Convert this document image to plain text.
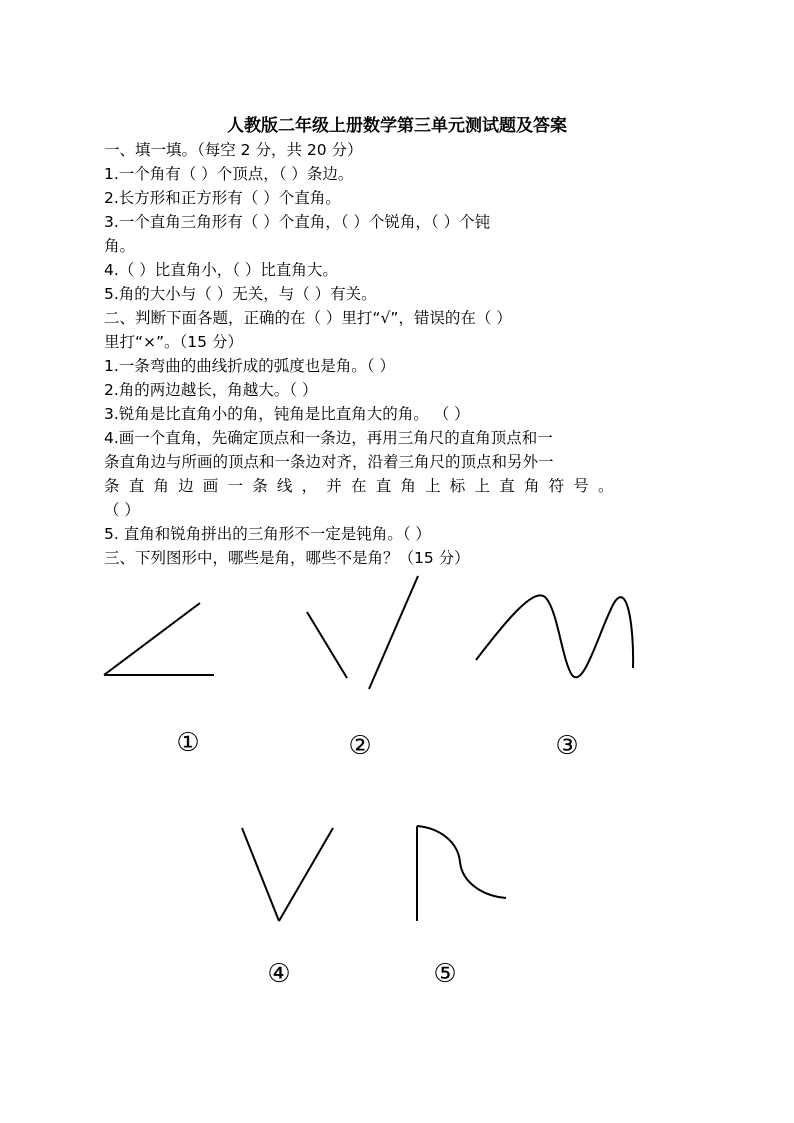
人教版二年级上册数学第三单元测试题及答案
一、填一填。（每空 2 分，共 20 分）
1.一个角有（ ）个顶点，（ ）条边。
2.长方形和正方形有（ ）个直角。
3.一个直角三角形有（ ）个直角，（ ）个锐角，（ ）个钝
角。
4.（ ）比直角小，（ ）比直角大。
5.角的大小与（ ）无关，与（ ）有关。
二、判断下面各题，正确的在（ ）里打“√”，错误的在（ ）
里打“×”。（15 分）
1.一条弯曲的曲线折成的弧度也是角。（ ）
2.角的两边越长，角越大。（ ）
3.锐角是比直角小的角，钝角是比直角大的角。 （ ）
4.画一个直角，先确定顶点和一条边，再用三角尺的直角顶点和一
条直角边与所画的顶点和一条边对齐，沿着三角尺的顶点和另外一
条直角边画一条线，并在直角上标上直角符号。
（ ）
5. 直角和锐角拼出的三角形不一定是钝角。（ ）
三、下列图形中，哪些是角，哪些不是角？（15 分）
①	②	③
④	⑤
